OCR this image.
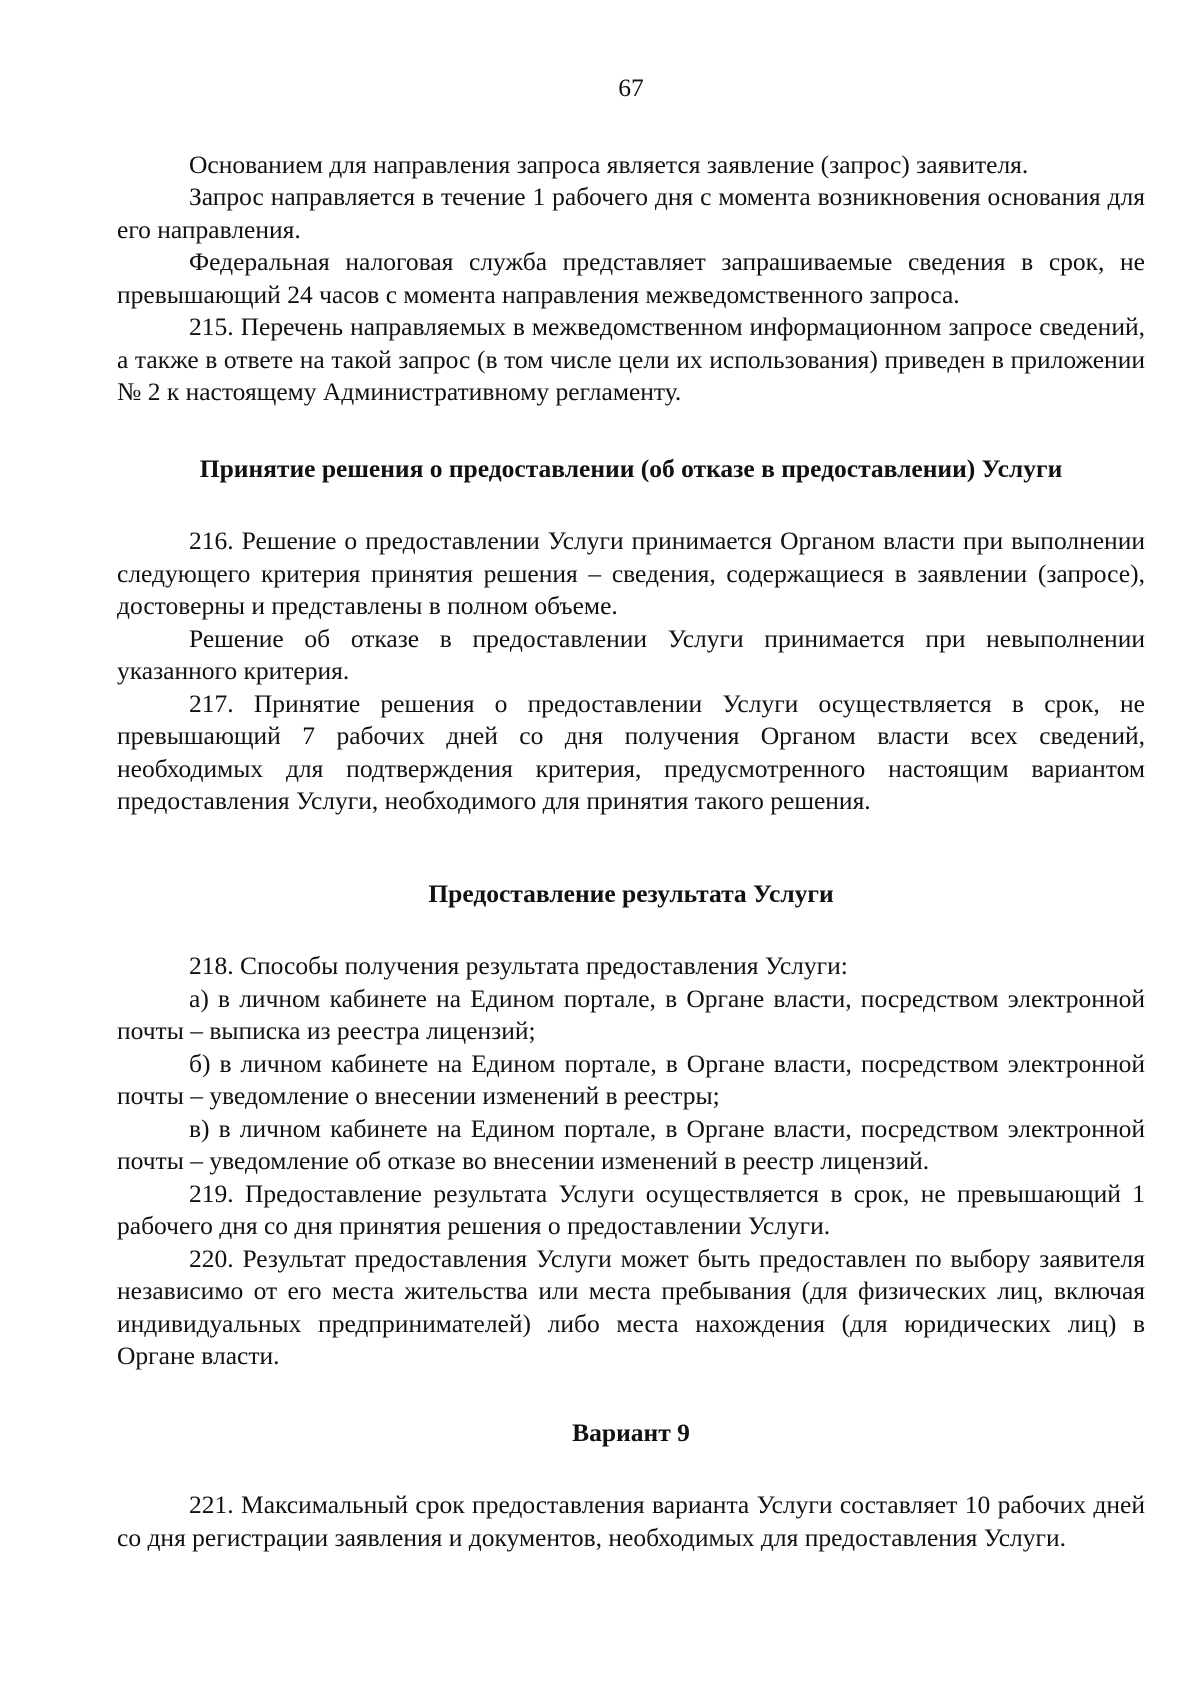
67

Основанием для направления запроса является заявление (запрос) заявителя.

Запрос направляется в течение 1 рабочего дня с момента возникновения основания для его направления.

Федеральная налоговая служба представляет запрашиваемые сведения в срок, не превышающий 24 часов с момента направления межведомственного запроса.

215. Перечень направляемых в межведомственном информационном запросе сведений, а также в ответе на такой запрос (в том числе цели их использования) приведен в приложении № 2 к настоящему Административному регламенту.

Принятие решения о предоставлении (об отказе в предоставлении) Услуги

216. Решение о предоставлении Услуги принимается Органом власти при выполнении следующего критерия принятия решения – сведения, содержащиеся в заявлении (запросе), достоверны и представлены в полном объеме.

Решение об отказе в предоставлении Услуги принимается при невыполнении указанного критерия.

217. Принятие решения о предоставлении Услуги осуществляется в срок, не превышающий 7 рабочих дней со дня получения Органом власти всех сведений, необходимых для подтверждения критерия, предусмотренного настоящим вариантом предоставления Услуги, необходимого для принятия такого решения.

Предоставление результата Услуги

218. Способы получения результата предоставления Услуги:

а) в личном кабинете на Едином портале, в Органе власти, посредством электронной почты – выписка из реестра лицензий;

б) в личном кабинете на Едином портале, в Органе власти, посредством электронной почты – уведомление о внесении изменений в реестры;

в) в личном кабинете на Едином портале, в Органе власти, посредством электронной почты – уведомление об отказе во внесении изменений в реестр лицензий.

219. Предоставление результата Услуги осуществляется в срок, не превышающий 1 рабочего дня со дня принятия решения о предоставлении Услуги.

220. Результат предоставления Услуги может быть предоставлен по выбору заявителя независимо от его места жительства или места пребывания (для физических лиц, включая индивидуальных предпринимателей) либо места нахождения (для юридических лиц) в Органе власти.

Вариант 9

221. Максимальный срок предоставления варианта Услуги составляет 10 рабочих дней со дня регистрации заявления и документов, необходимых для предоставления Услуги.
